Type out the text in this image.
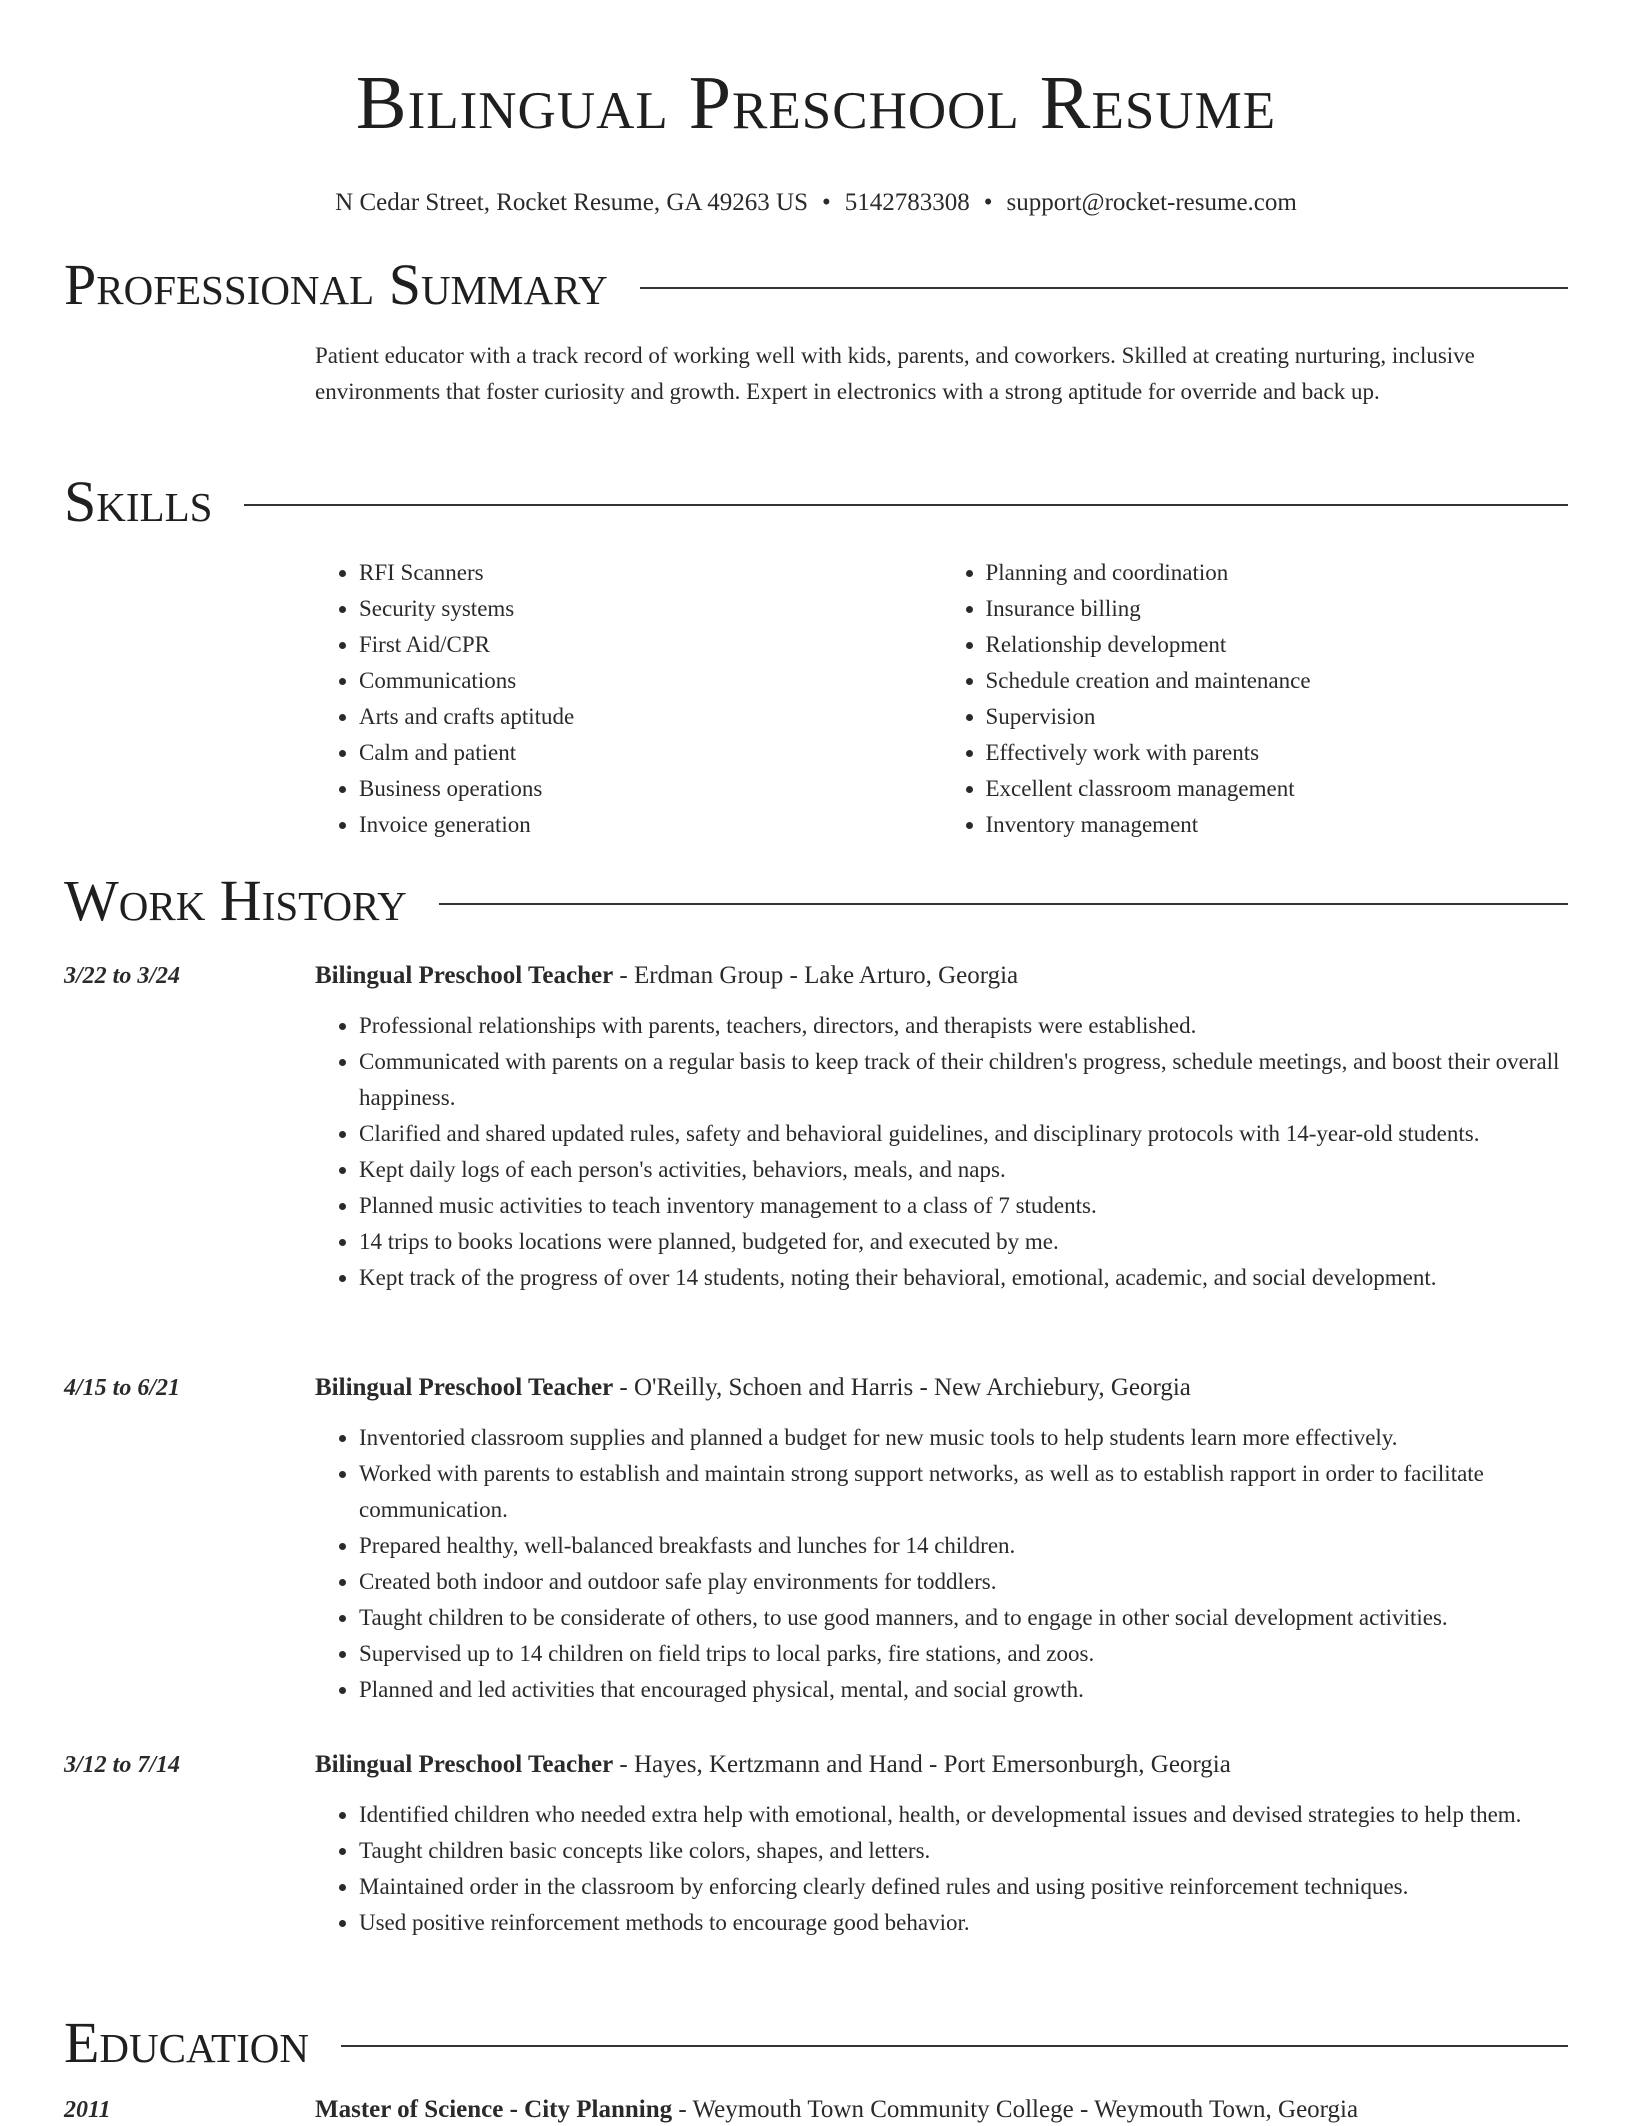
Bilingual Preschool Resume
N Cedar Street, Rocket Resume, GA 49263 US • 5142783308 • support@rocket-resume.com
Professional Summary
Patient educator with a track record of working well with kids, parents, and coworkers. Skilled at creating nurturing, inclusive environments that foster curiosity and growth. Expert in electronics with a strong aptitude for override and back up.
Skills
• RFI Scanners
• Security systems
• First Aid/CPR
• Communications
• Arts and crafts aptitude
• Calm and patient
• Business operations
• Invoice generation
• Planning and coordination
• Insurance billing
• Relationship development
• Schedule creation and maintenance
• Supervision
• Effectively work with parents
• Excellent classroom management
• Inventory management
Work History
3/22 to 3/24	Bilingual Preschool Teacher - Erdman Group - Lake Arturo, Georgia
• Professional relationships with parents, teachers, directors, and therapists were established.
• Communicated with parents on a regular basis to keep track of their children's progress, schedule meetings, and boost their overall happiness.
• Clarified and shared updated rules, safety and behavioral guidelines, and disciplinary protocols with 14-year-old students.
• Kept daily logs of each person's activities, behaviors, meals, and naps.
• Planned music activities to teach inventory management to a class of 7 students.
• 14 trips to books locations were planned, budgeted for, and executed by me.
• Kept track of the progress of over 14 students, noting their behavioral, emotional, academic, and social development.
4/15 to 6/21	Bilingual Preschool Teacher - O'Reilly, Schoen and Harris - New Archiebury, Georgia
• Inventoried classroom supplies and planned a budget for new music tools to help students learn more effectively.
• Worked with parents to establish and maintain strong support networks, as well as to establish rapport in order to facilitate communication.
• Prepared healthy, well-balanced breakfasts and lunches for 14 children.
• Created both indoor and outdoor safe play environments for toddlers.
• Taught children to be considerate of others, to use good manners, and to engage in other social development activities.
• Supervised up to 14 children on field trips to local parks, fire stations, and zoos.
• Planned and led activities that encouraged physical, mental, and social growth.
3/12 to 7/14	Bilingual Preschool Teacher - Hayes, Kertzmann and Hand - Port Emersonburgh, Georgia
• Identified children who needed extra help with emotional, health, or developmental issues and devised strategies to help them.
• Taught children basic concepts like colors, shapes, and letters.
• Maintained order in the classroom by enforcing clearly defined rules and using positive reinforcement techniques.
• Used positive reinforcement methods to encourage good behavior.
Education
2011	Master of Science - City Planning - Weymouth Town Community College - Weymouth Town, Georgia
